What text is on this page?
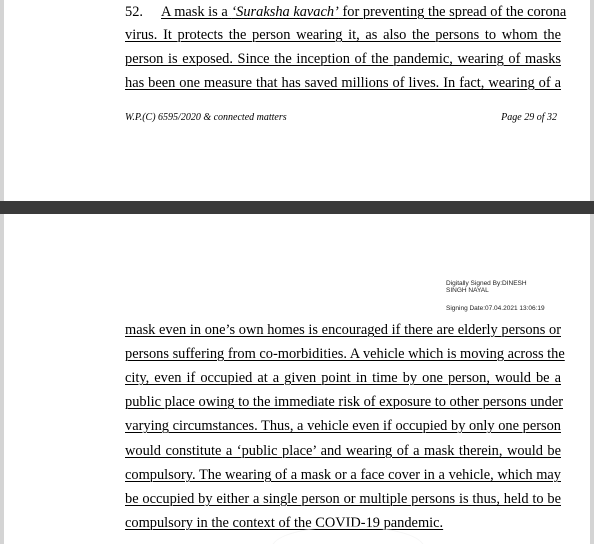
52. A mask is a ‘Suraksha kavach’ for preventing the spread of the corona
virus. It protects the person wearing it, as also the persons to whom the
person is exposed. Since the inception of the pandemic, wearing of masks
has been one measure that has saved millions of lives. In fact, wearing of a
W.P.(C) 6595/2020 & connected matters	Page 29 of 32
Digitally Signed By:DINESH
SINGH NAYAL
Signing Date:07.04.2021 13:06:19
mask even in one’s own homes is encouraged if there are elderly persons or
persons suffering from co-morbidities. A vehicle which is moving across the
city, even if occupied at a given point in time by one person, would be a
public place owing to the immediate risk of exposure to other persons under
varying circumstances. Thus, a vehicle even if occupied by only one person
would constitute a ‘public place’ and wearing of a mask therein, would be
compulsory. The wearing of a mask or a face cover in a vehicle, which may
be occupied by either a single person or multiple persons is thus, held to be
compulsory in the context of the COVID-19 pandemic.
